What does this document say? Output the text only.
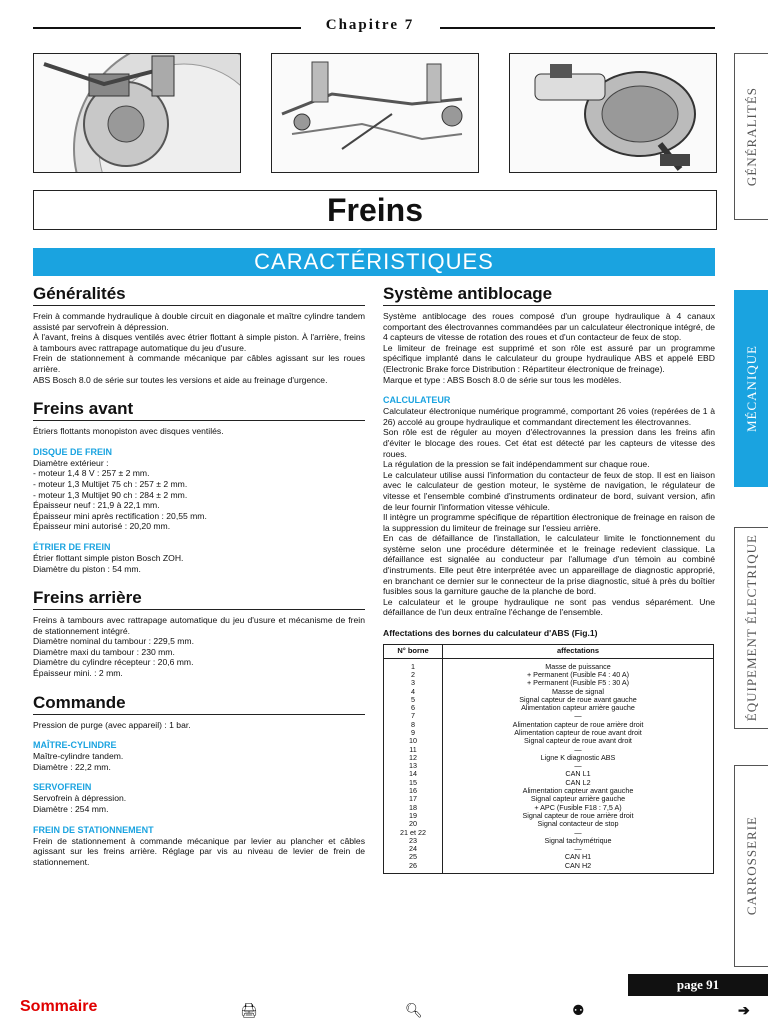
Chapitre 7
Freins
CARACTÉRISTIQUES
GÉNÉRALITÉS
MÉCANIQUE
ÉQUIPEMENT ÉLECTRIQUE
CARROSSERIE
Généralités

Frein à commande hydraulique à double circuit en diagonale et maître cylindre tandem assisté par servofrein à dépression.

À l'avant, freins à disques ventilés avec étrier flottant à simple piston. À l'arrière, freins à tambours avec rattrapage automatique du jeu d'usure.

Frein de stationnement à commande mécanique par câbles agissant sur les roues arrière.

ABS Bosch 8.0 de série sur toutes les versions et aide au freinage d'urgence.

Freins avant

Étriers flottants monopiston avec disques ventilés.

DISQUE DE FREIN

Diamètre extérieur :

- moteur 1,4 8 V : 257 ± 2 mm.

- moteur 1,3 Multijet 75 ch : 257 ± 2 mm.

- moteur 1,3 Multijet 90 ch : 284 ± 2 mm.

Épaisseur neuf : 21,9 à 22,1 mm.

Épaisseur mini après rectification : 20,55 mm.

Épaisseur mini autorisé : 20,20 mm.

ÉTRIER DE FREIN

Étrier flottant simple piston Bosch ZOH.

Diamètre du piston : 54 mm.

Freins arrière

Freins à tambours avec rattrapage automatique du jeu d'usure et mécanisme de frein de stationnement intégré.

Diamètre nominal du tambour : 229,5 mm.

Diamètre maxi du tambour : 230 mm.

Diamètre du cylindre récepteur : 20,6 mm.

Épaisseur mini. : 2 mm.

Commande

Pression de purge (avec appareil) : 1 bar.

MAÎTRE-CYLINDRE

Maître-cylindre tandem.

Diamètre : 22,2 mm.

SERVOFREIN

Servofrein à dépression.

Diamètre : 254 mm.

FREIN DE STATIONNEMENT

Frein de stationnement à commande mécanique par levier au plancher et câbles agissant sur les freins arrière. Réglage par vis au niveau de levier de frein de stationnement.

Système antiblocage

Système antiblocage des roues composé d'un groupe hydraulique à 4 canaux comportant des électrovannes commandées par un calculateur électronique intégré, de 4 capteurs de vitesse de rotation des roues et d'un contacteur de feux de stop.

Le limiteur de freinage est supprimé et son rôle est assuré par un programme spécifique implanté dans le calculateur du groupe hydraulique ABS et appelé EBD (Electronic Brake force Distribution : Répartiteur électronique de freinage).

Marque et type : ABS Bosch 8.0 de série sur tous les modèles.

CALCULATEUR

Calculateur électronique numérique programmé, comportant 26 voies (repérées de 1 à 26) accolé au groupe hydraulique et commandant directement les électrovannes.

Son rôle est de réguler au moyen d'électrovannes la pression dans les freins afin d'éviter le blocage des roues. Cet état est détecté par les capteurs de vitesse des roues.

La régulation de la pression se fait indépendamment sur chaque roue.

Le calculateur utilise aussi l'information du contacteur de feux de stop. Il est en liaison avec le calculateur de gestion moteur, le système de navigation, le régulateur de vitesse et l'ensemble combiné d'instruments ordinateur de bord, suivant version, afin de leur fournir l'information vitesse véhicule.

Il intègre un programme spécifique de répartition électronique de freinage en raison de la suppression du limiteur de freinage sur l'essieu arrière.

En cas de défaillance de l'installation, le calculateur limite le fonctionnement du système selon une procédure déterminée et le freinage redevient classique. La défaillance est signalée au conducteur par l'allumage d'un témoin au combiné d'instruments. Elle peut être interprétée avec un appareillage de diagnostic approprié, en branchant ce dernier sur le connecteur de la prise diagnostic, situé à près du boîtier fusibles sous la garniture gauche de la planche de bord.

Le calculateur et le groupe hydraulique ne sont pas vendus séparément. Une défaillance de l'un deux entraîne l'échange de l'ensemble.

Affectations des bornes du calculateur d'ABS (Fig.1)

N° borne	affectations
1	Masse de puissance
2	+ Permanent (Fusible F4 : 40 A)
3	+ Permanent (Fusible F5 : 30 A)
4	Masse de signal
5	Signal capteur de roue avant gauche
6	Alimentation capteur arrière gauche
7	—
8	Alimentation capteur de roue arrière droit
9	Alimentation capteur de roue avant droit
10	Signal capteur de roue avant droit
11	—
12	Ligne K diagnostic ABS
13	—
14	CAN L1
15	CAN L2
16	Alimentation capteur avant gauche
17	Signal capteur arrière gauche
18	+ APC (Fusible F18 : 7,5 A)
19	Signal capteur de roue arrière droit
20	Signal contacteur de stop
21 et 22	—
23	Signal tachymétrique
24	—
25	CAN H1
26	CAN H2
page 91
Sommaire	🖨︎	🔍︎	⚉	➔
